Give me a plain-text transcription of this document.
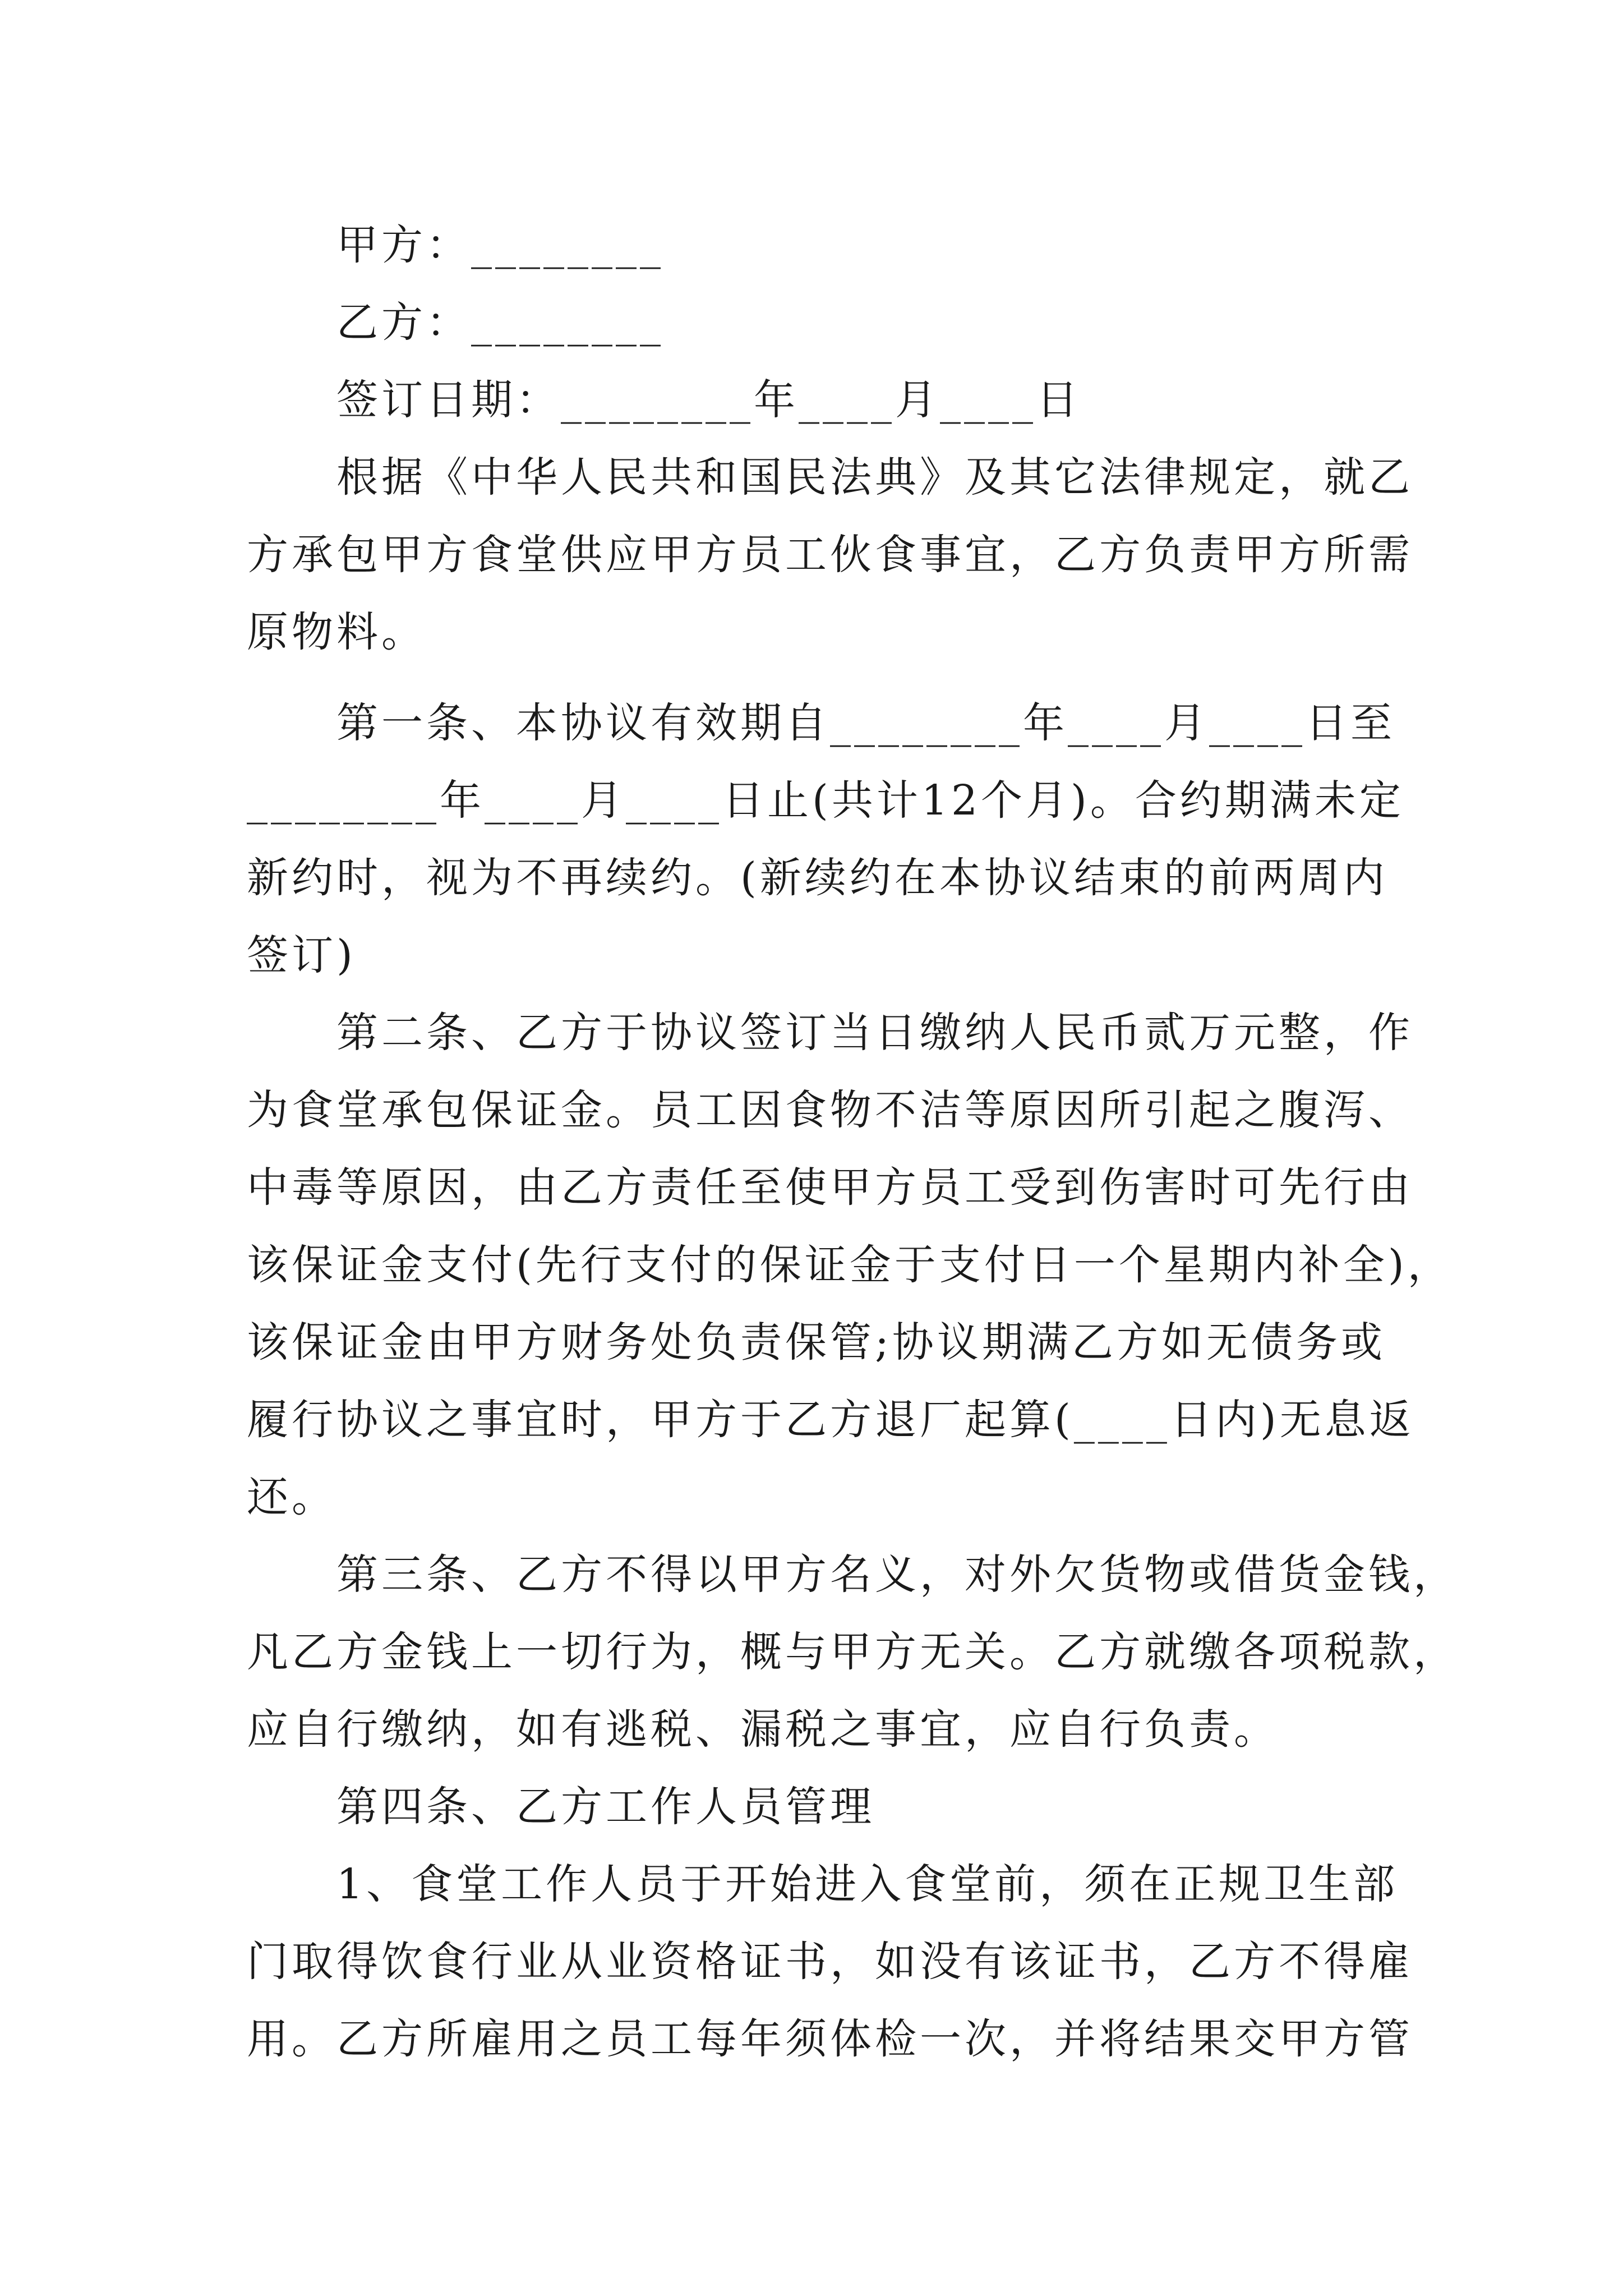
甲方：________

乙方：________

签订日期：________年____月____日

根据《中华人民共和国民法典》及其它法律规定，就乙

方承包甲方食堂供应甲方员工伙食事宜，乙方负责甲方所需

原物料。

第一条、本协议有效期自________年____月____日至

________年____月____日止(共计12个月)。合约期满未定

新约时，视为不再续约。(新续约在本协议结束的前两周内

签订)

第二条、乙方于协议签订当日缴纳人民币贰万元整，作

为食堂承包保证金。员工因食物不洁等原因所引起之腹泻、

中毒等原因，由乙方责任至使甲方员工受到伤害时可先行由

该保证金支付(先行支付的保证金于支付日一个星期内补全)，

该保证金由甲方财务处负责保管;协议期满乙方如无债务或

履行协议之事宜时，甲方于乙方退厂起算(____日内)无息返

还。

第三条、乙方不得以甲方名义，对外欠货物或借货金钱，

凡乙方金钱上一切行为，概与甲方无关。乙方就缴各项税款，

应自行缴纳，如有逃税、漏税之事宜，应自行负责。

第四条、乙方工作人员管理

1、食堂工作人员于开始进入食堂前，须在正规卫生部

门取得饮食行业从业资格证书，如没有该证书，乙方不得雇

用。乙方所雇用之员工每年须体检一次，并将结果交甲方管
